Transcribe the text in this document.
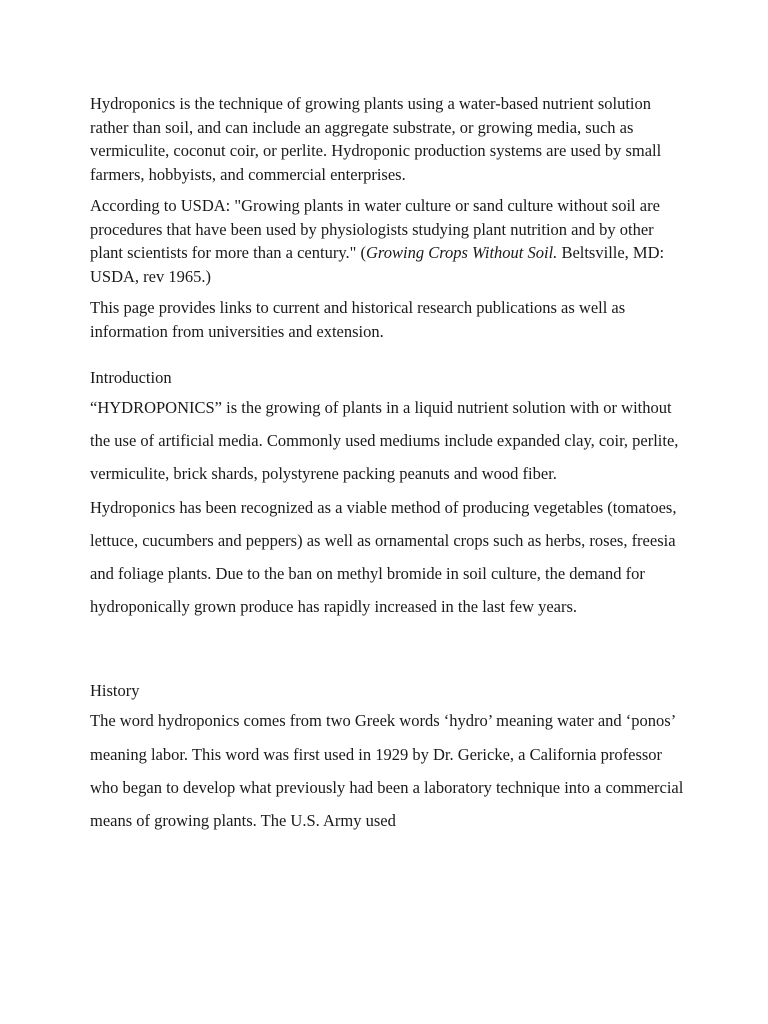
Hydroponics is the technique of growing plants using a water-based nutrient solution rather than soil, and can include an aggregate substrate, or growing media, such as vermiculite, coconut coir, or perlite. Hydroponic production systems are used by small farmers, hobbyists, and commercial enterprises.

According to USDA: "Growing plants in water culture or sand culture without soil are procedures that have been used by physiologists studying plant nutrition and by other plant scientists for more than a century." (Growing Crops Without Soil. Beltsville, MD: USDA, rev 1965.)

This page provides links to current and historical research publications as well as information from universities and extension.

Introduction

“HYDROPONICS” is the growing of plants in a liquid nutrient solution with or without the use of artificial media. Commonly used mediums include expanded clay, coir, perlite, vermiculite, brick shards, polystyrene packing peanuts and wood fiber.

Hydroponics has been recognized as a viable method of producing vegetables (tomatoes, lettuce, cucumbers and peppers) as well as ornamental crops such as herbs, roses, freesia and foliage plants. Due to the ban on methyl bromide in soil culture, the demand for hydroponically grown produce has rapidly increased in the last few years.

History

The word hydroponics comes from two Greek words ‘hydro’ meaning water and ‘ponos’ meaning labor. This word was first used in 1929 by Dr. Gericke, a California professor who began to develop what previously had been a laboratory technique into a commercial means of growing plants. The U.S. Army used
